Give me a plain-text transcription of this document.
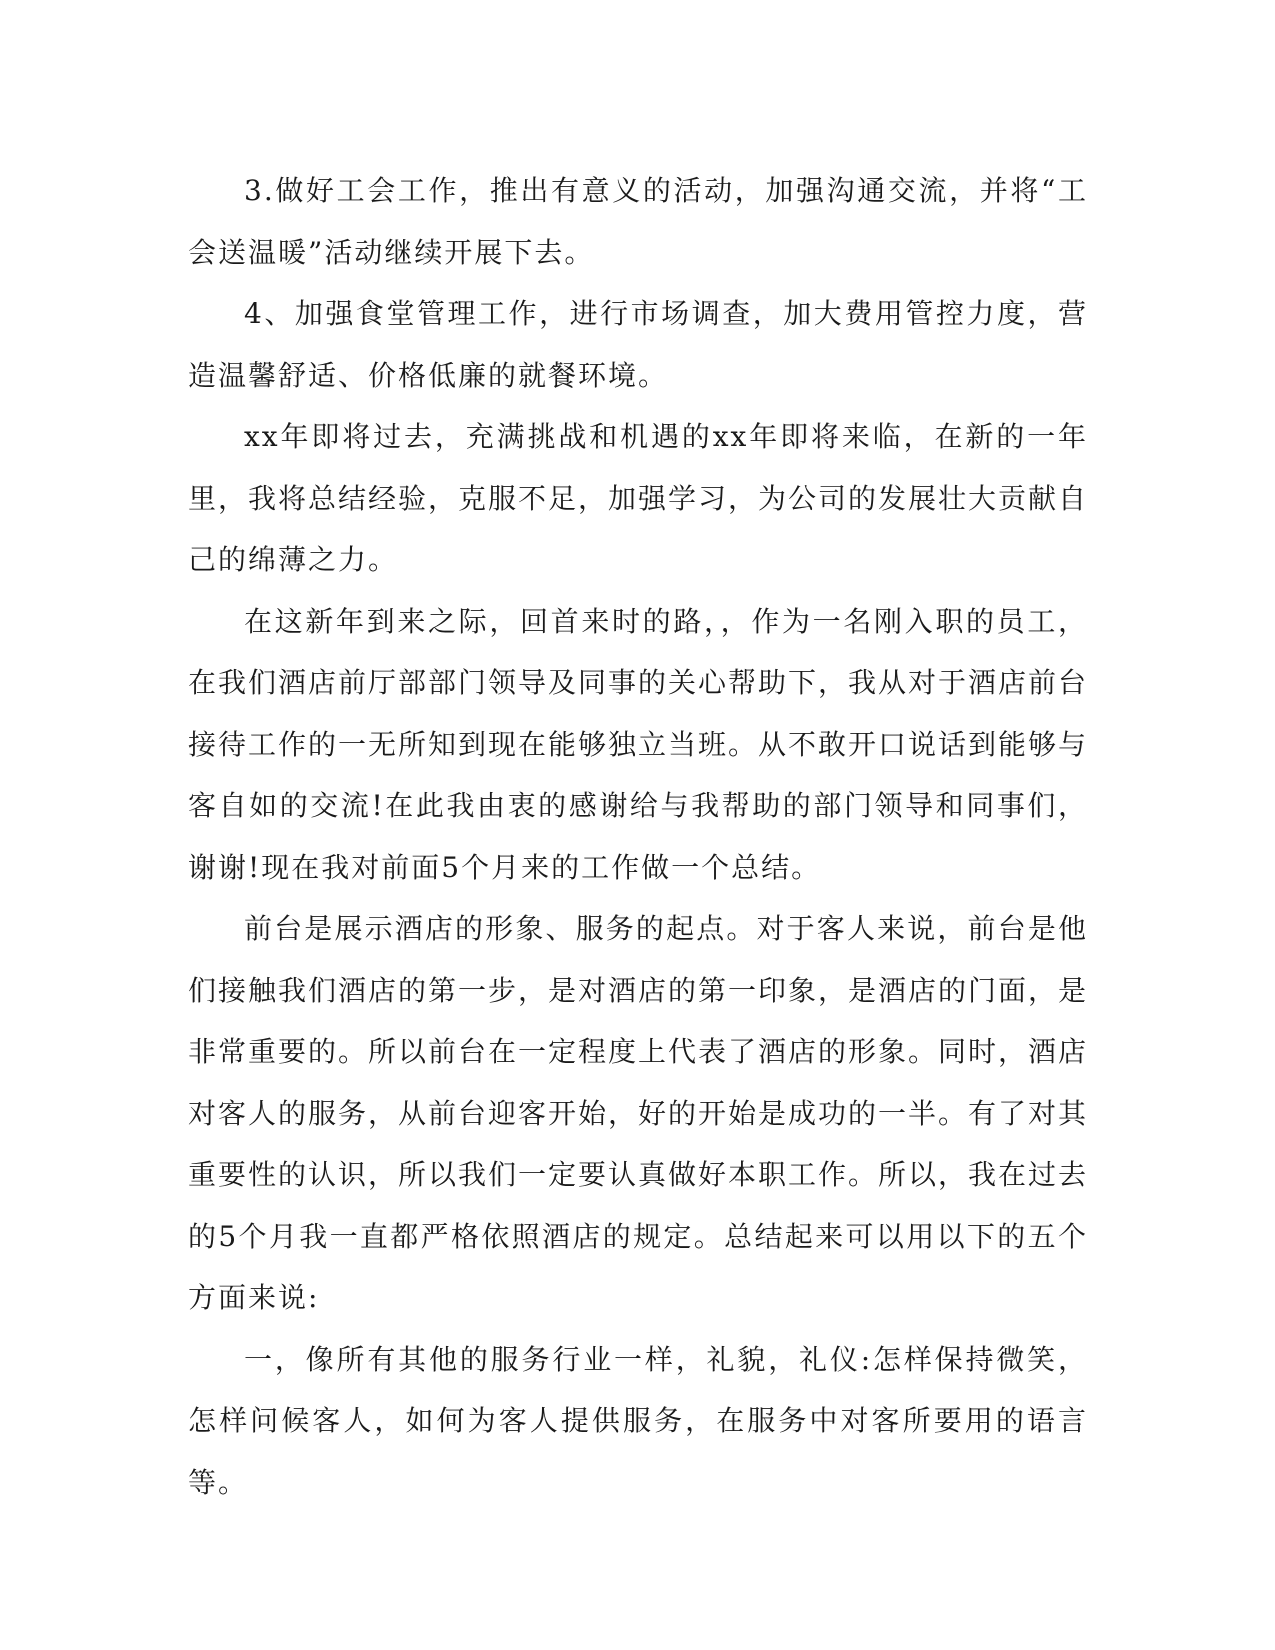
3.做好工会工作，推出有意义的活动，加强沟通交流，并将“工会送温暖”活动继续开展下去。

4、加强食堂管理工作，进行市场调查，加大费用管控力度，营造温馨舒适、价格低廉的就餐环境。

xx年即将过去，充满挑战和机遇的xx年即将来临，在新的一年里，我将总结经验，克服不足，加强学习，为公司的发展壮大贡献自己的绵薄之力。

在这新年到来之际，回首来时的路，，作为一名刚入职的员工，在我们酒店前厅部部门领导及同事的关心帮助下，我从对于酒店前台接待工作的一无所知到现在能够独立当班。从不敢开口说话到能够与客自如的交流!在此我由衷的感谢给与我帮助的部门领导和同事们，谢谢!现在我对前面5个月来的工作做一个总结。

前台是展示酒店的形象、服务的起点。对于客人来说，前台是他们接触我们酒店的第一步，是对酒店的第一印象，是酒店的门面，是非常重要的。所以前台在一定程度上代表了酒店的形象。同时，酒店对客人的服务，从前台迎客开始，好的开始是成功的一半。有了对其重要性的认识，所以我们一定要认真做好本职工作。所以，我在过去的5个月我一直都严格依照酒店的规定。总结起来可以用以下的五个方面来说:

一，像所有其他的服务行业一样，礼貌，礼仪:怎样保持微笑，怎样问候客人，如何为客人提供服务，在服务中对客所要用的语言等。
